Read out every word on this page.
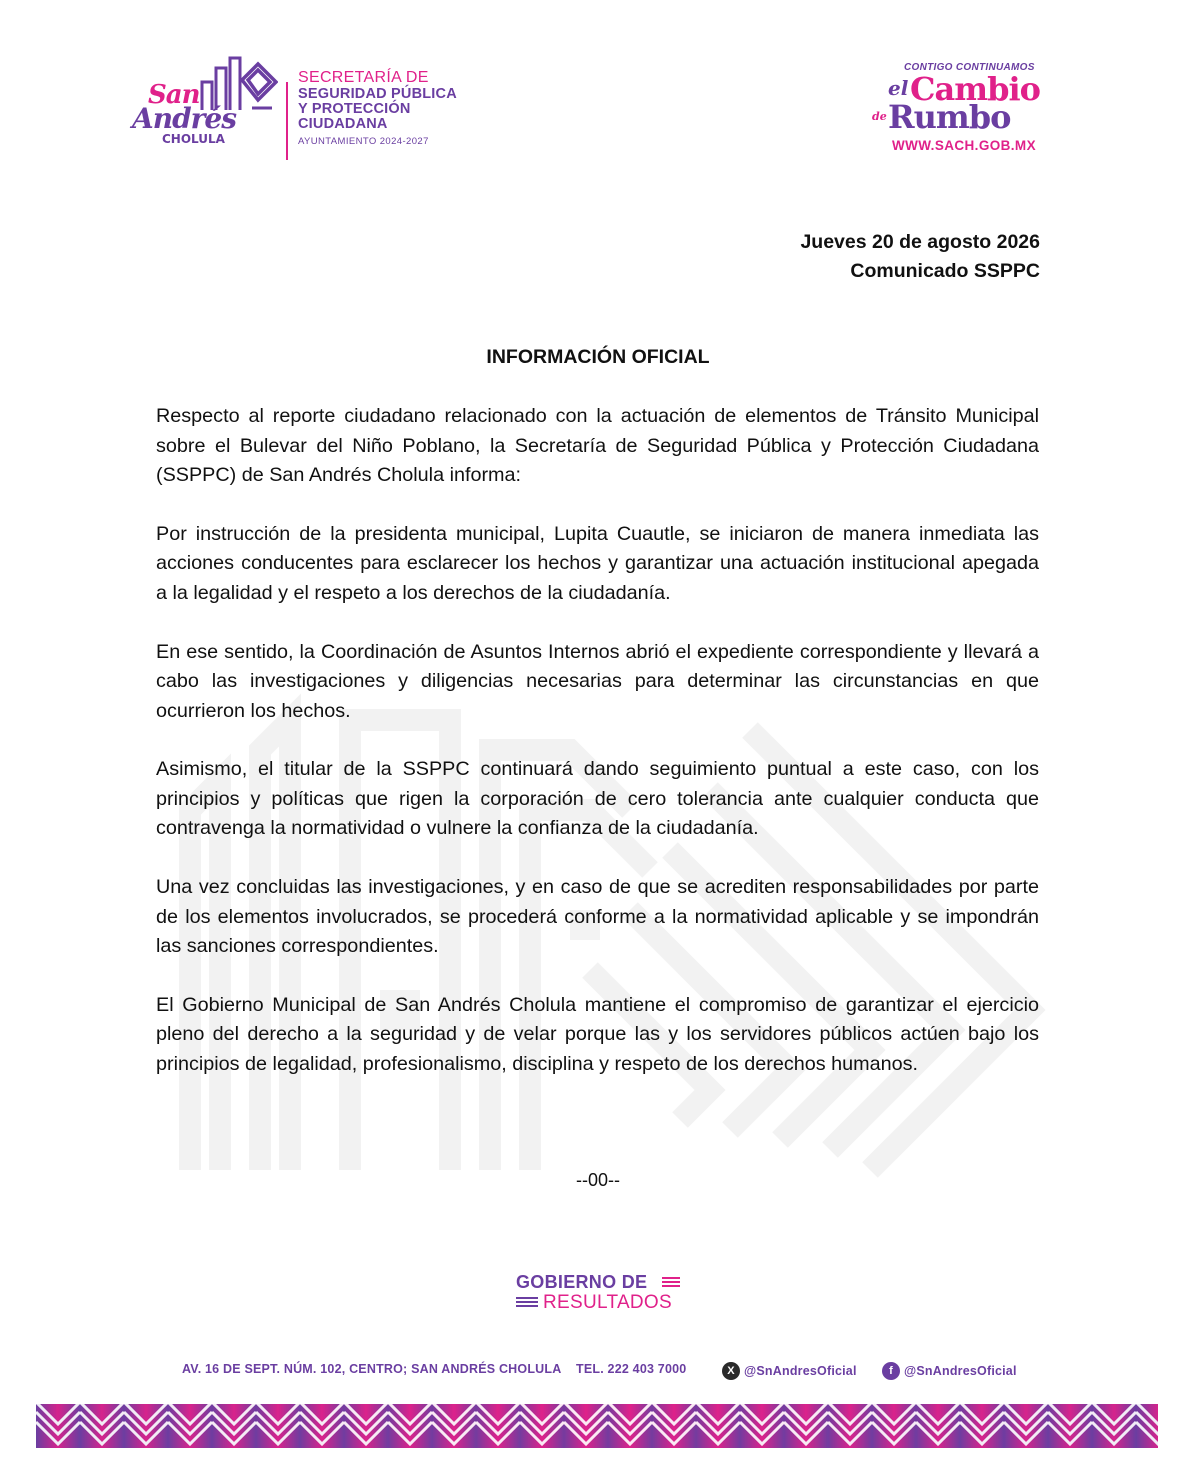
San
Andrés
CHOLULA
SECRETARÍA DE
SEGURIDAD PÚBLICA
Y PROTECCIÓN
CIUDADANA
AYUNTAMIENTO 2024-2027
CONTIGO CONTINUAMOS
el Cambio
de Rumbo
WWW.SACH.GOB.MX
Jueves 20 de agosto 2026
Comunicado SSPPC
INFORMACIÓN OFICIAL

Respecto al reporte ciudadano relacionado con la actuación de elementos de Tránsito Municipal sobre el Bulevar del Niño Poblano, la Secretaría de Seguridad Pública y Protección Ciudadana (SSPPC) de San Andrés Cholula informa:

Por instrucción de la presidenta municipal, Lupita Cuautle, se iniciaron de manera inmediata las acciones conducentes para esclarecer los hechos y garantizar una actuación institucional apegada a la legalidad y el respeto a los derechos de la ciudadanía.

En ese sentido, la Coordinación de Asuntos Internos abrió el expediente correspondiente y llevará a cabo las investigaciones y diligencias necesarias para determinar las circunstancias en que ocurrieron los hechos.

Asimismo, el titular de la SSPPC continuará dando seguimiento puntual a este caso, con los principios y políticas que rigen la corporación de cero tolerancia ante cualquier conducta que contravenga la normatividad o vulnere la confianza de la ciudadanía.

Una vez concluidas las investigaciones, y en caso de que se acrediten responsabilidades por parte de los elementos involucrados, se procederá conforme a la normatividad aplicable y se impondrán las sanciones correspondientes.

El Gobierno Municipal de San Andrés Cholula mantiene el compromiso de garantizar el ejercicio pleno del derecho a la seguridad y de velar porque las y los servidores públicos actúen bajo los principios de legalidad, profesionalismo, disciplina y respeto de los derechos humanos.

--00--
GOBIERNO DE
RESULTADOS
AV. 16 DE SEPT. NÚM. 102, CENTRO; SAN ANDRÉS CHOLULA TEL. 222 403 7000	X @SnAndresOficial	f @SnAndresOficial
